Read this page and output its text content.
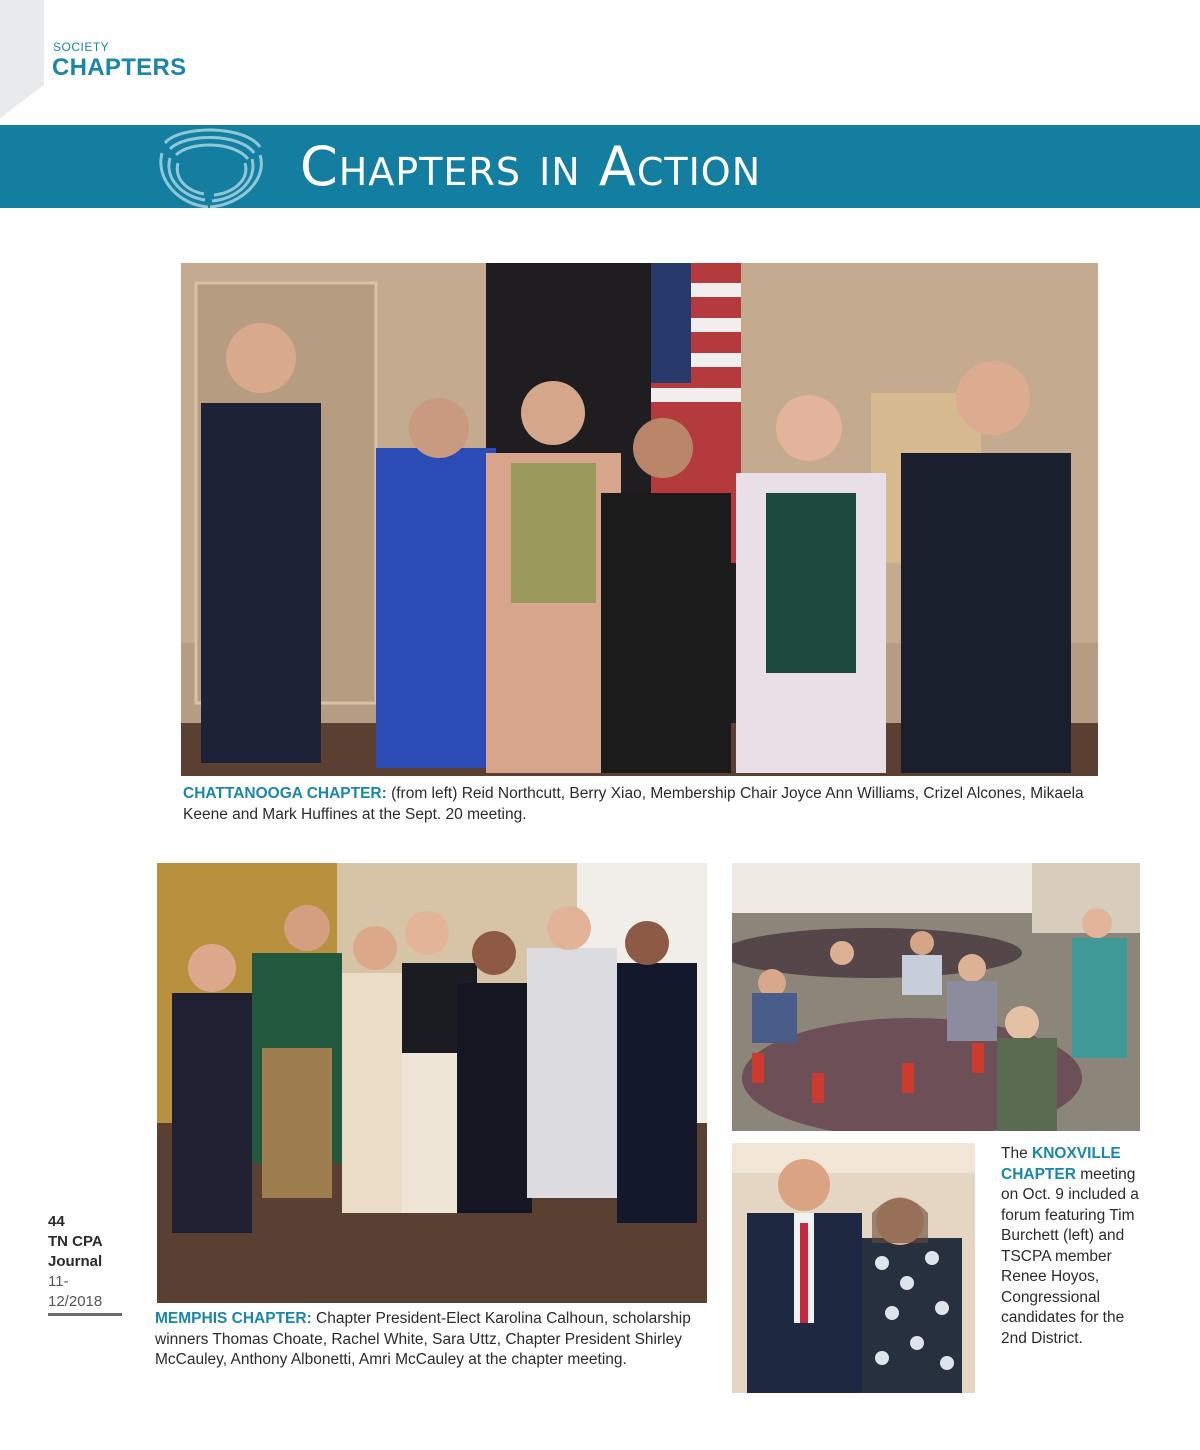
SOCIETY
CHAPTERS
Chapters in Action
CHATTANOOGA CHAPTER: (from left) Reid Northcutt, Berry Xiao, Membership Chair Joyce Ann Williams, Crizel Alcones, Mikaela Keene and Mark Huffines at the Sept. 20 meeting.
MEMPHIS CHAPTER: Chapter President-Elect Karolina Calhoun, scholarship winners Thomas Choate, Rachel White, Sara Uttz, Chapter President Shirley McCauley, Anthony Albonetti, Amri McCauley at the chapter meeting.
The KNOXVILLE CHAPTER meeting on Oct. 9 included a forum featuring Tim Burchett (left) and TSCPA member Renee Hoyos, Congressional candidates for the 2nd District.
44
TN CPA
Journal
11-12/2018
